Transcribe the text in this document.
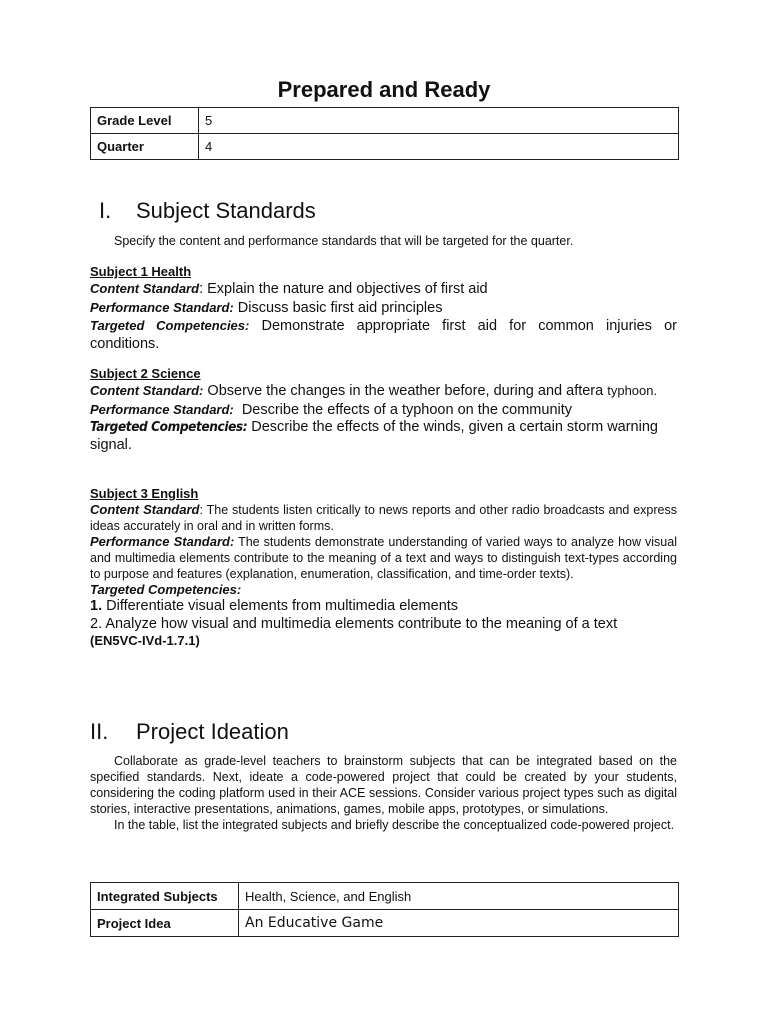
Prepared and Ready
Grade Level	5
Quarter	4
I. Subject Standards
Specify the content and performance standards that will be targeted for the quarter.
Subject 1 Health
Content Standard: Explain the nature and objectives of first aid
Performance Standard: Discuss basic first aid principles
Targeted Competencies: Demonstrate appropriate first aid for common injuries or conditions.
Subject 2 Science
Content Standard: Observe the changes in the weather before, during and aftera typhoon.
Performance Standard:  Describe the effects of a typhoon on the community
Targeted Competencies: Describe the effects of the winds, given a certain storm warning signal.
Subject 3 English
Content Standard: The students listen critically to news reports and other radio broadcasts and express ideas accurately in oral and in written forms.
Performance Standard: The students demonstrate understanding of varied ways to analyze how visual and multimedia elements contribute to the meaning of a text and ways to distinguish text-types according to purpose and features (explanation, enumeration, classification, and time-order texts).
Targeted Competencies:
1. Differentiate visual elements from multimedia elements
2. Analyze how visual and multimedia elements contribute to the meaning of a text
(EN5VC-IVd-1.7.1)
II. Project Ideation
Collaborate as grade-level teachers to brainstorm subjects that can be integrated based on the specified standards. Next, ideate a code-powered project that could be created by your students, considering the coding platform used in their ACE sessions. Consider various project types such as digital stories, interactive presentations, animations, games, mobile apps, prototypes, or simulations.
In the table, list the integrated subjects and briefly describe the conceptualized code-powered project.
Integrated Subjects	Health, Science, and English
Project Idea	An Educative Game
